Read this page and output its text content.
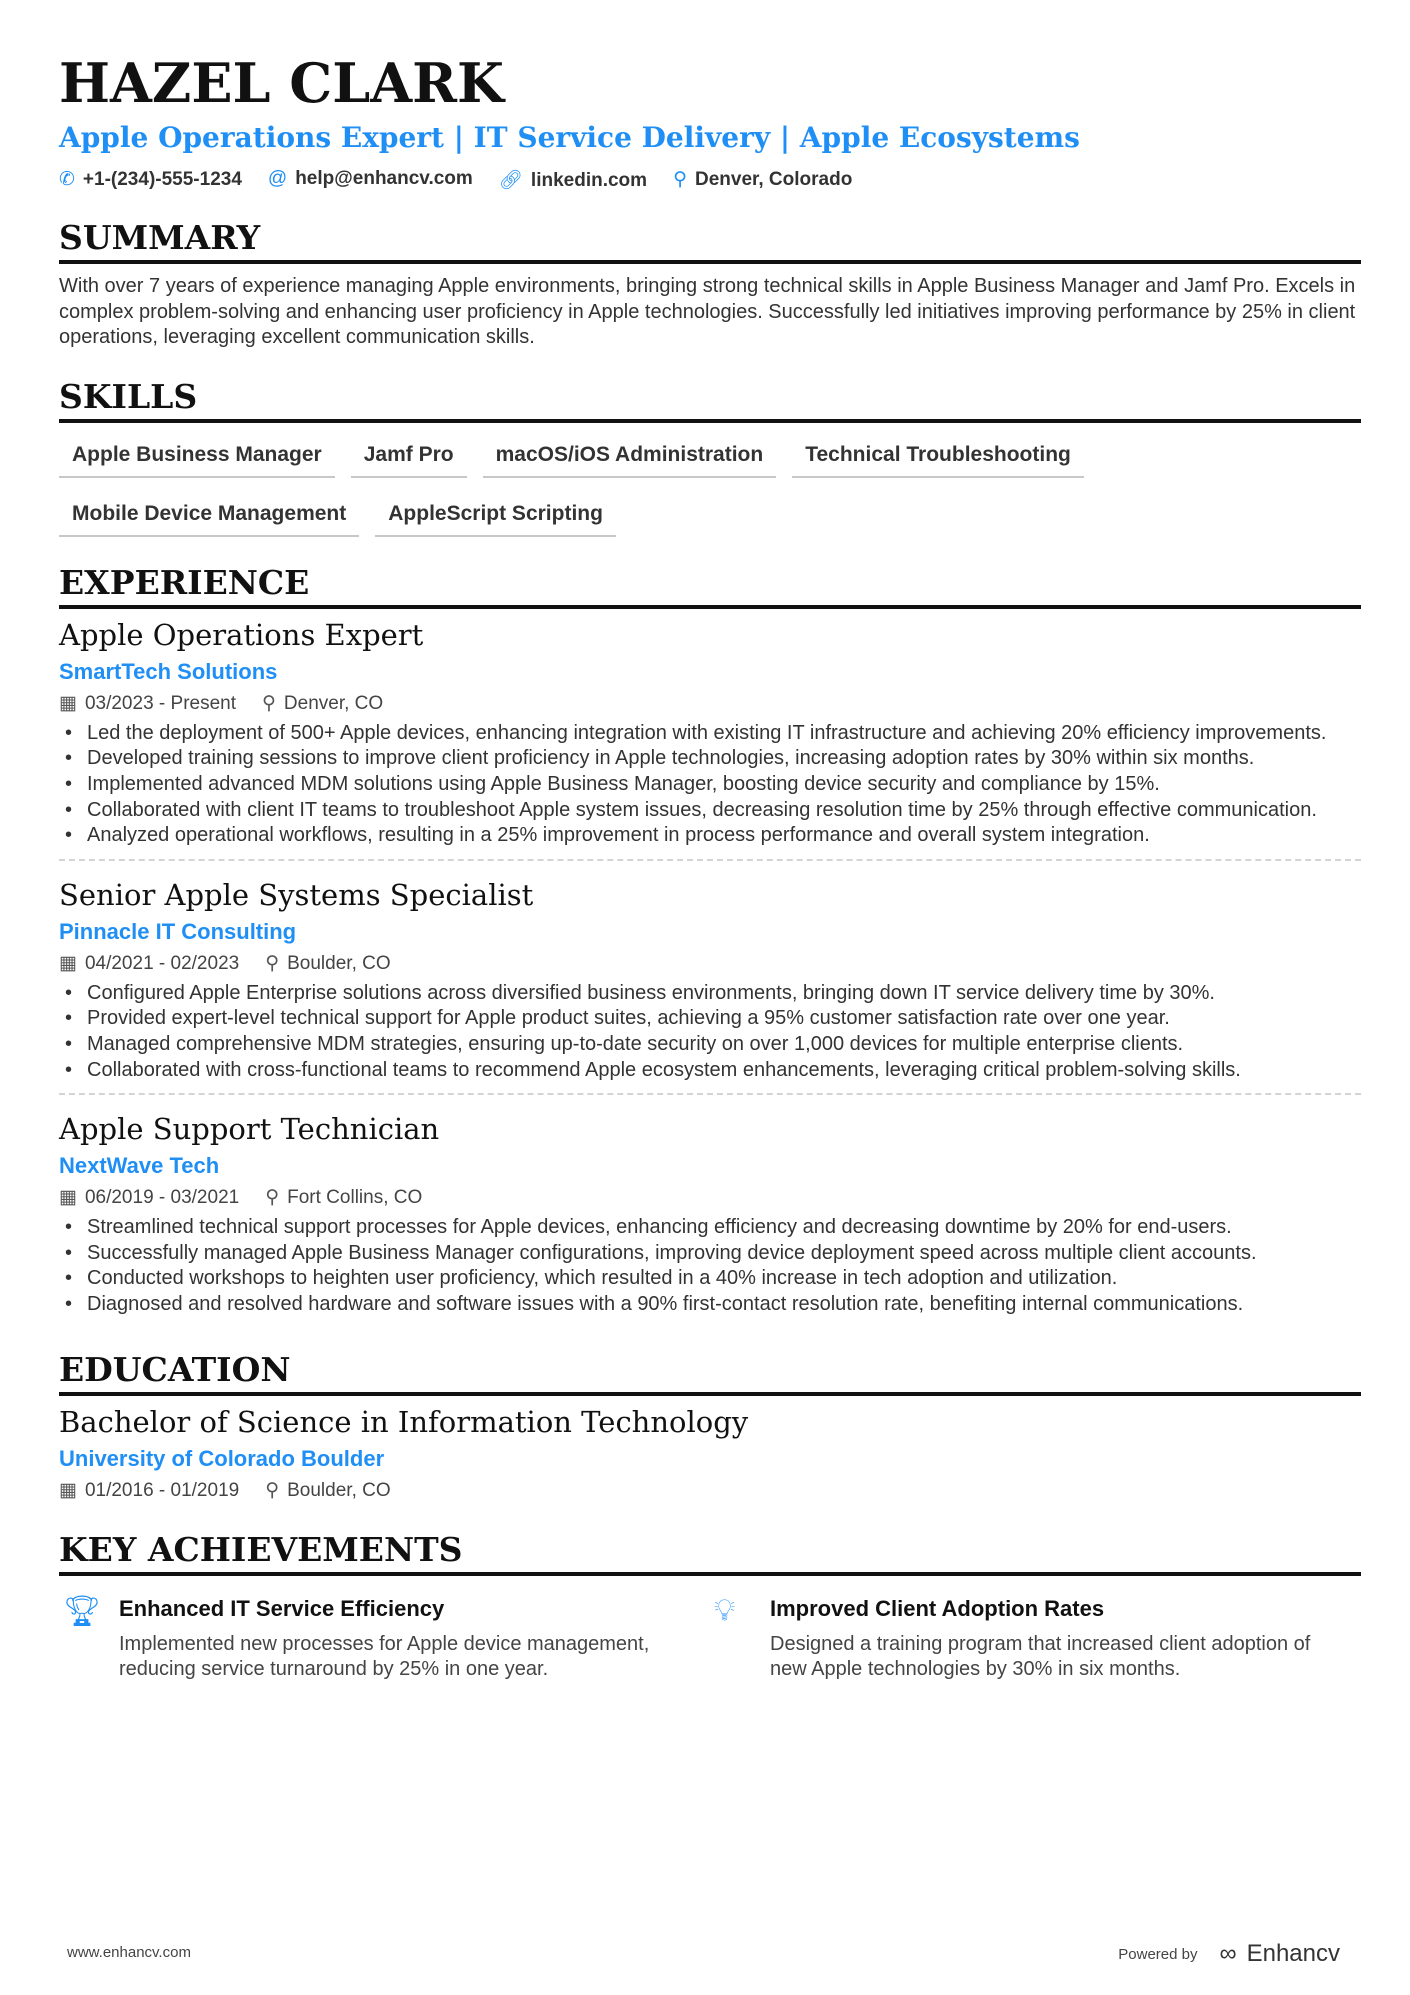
HAZEL CLARK
Apple Operations Expert | IT Service Delivery | Apple Ecosystems
✆ +1-(234)-555-1234 @ help@enhancv.com 🔗︎ linkedin.com ⚲ Denver, Colorado
SUMMARY
With over 7 years of experience managing Apple environments, bringing strong technical skills in Apple Business Manager and Jamf Pro. Excels in complex problem-solving and enhancing user proficiency in Apple technologies. Successfully led initiatives improving performance by 25% in client operations, leveraging excellent communication skills.
SKILLS
Apple Business Manager	Jamf Pro	macOS/iOS Administration	Technical Troubleshooting
Mobile Device Management	AppleScript Scripting
EXPERIENCE
Apple Operations Expert
SmartTech Solutions
▦ 03/2023 - Present ⚲ Denver, CO
• Led the deployment of 500+ Apple devices, enhancing integration with existing IT infrastructure and achieving 20% efficiency improvements.
• Developed training sessions to improve client proficiency in Apple technologies, increasing adoption rates by 30% within six months.
• Implemented advanced MDM solutions using Apple Business Manager, boosting device security and compliance by 15%.
• Collaborated with client IT teams to troubleshoot Apple system issues, decreasing resolution time by 25% through effective communication.
• Analyzed operational workflows, resulting in a 25% improvement in process performance and overall system integration.
Senior Apple Systems Specialist
Pinnacle IT Consulting
▦ 04/2021 - 02/2023 ⚲ Boulder, CO
• Configured Apple Enterprise solutions across diversified business environments, bringing down IT service delivery time by 30%.
• Provided expert-level technical support for Apple product suites, achieving a 95% customer satisfaction rate over one year.
• Managed comprehensive MDM strategies, ensuring up-to-date security on over 1,000 devices for multiple enterprise clients.
• Collaborated with cross-functional teams to recommend Apple ecosystem enhancements, leveraging critical problem-solving skills.
Apple Support Technician
NextWave Tech
▦ 06/2019 - 03/2021 ⚲ Fort Collins, CO
• Streamlined technical support processes for Apple devices, enhancing efficiency and decreasing downtime by 20% for end-users.
• Successfully managed Apple Business Manager configurations, improving device deployment speed across multiple client accounts.
• Conducted workshops to heighten user proficiency, which resulted in a 40% increase in tech adoption and utilization.
• Diagnosed and resolved hardware and software issues with a 90% first-contact resolution rate, benefiting internal communications.
EDUCATION
Bachelor of Science in Information Technology
University of Colorado Boulder
▦ 01/2016 - 01/2019 ⚲ Boulder, CO
KEY ACHIEVEMENTS
🏆︎ Enhanced IT Service Efficiency
Implemented new processes for Apple device management, reducing service turnaround by 25% in one year.
💡︎	Improved Client Adoption Rates
Designed a training program that increased client adoption of new Apple technologies by 30% in six months.
www.enhancv.com	Powered by ∞ Enhancv
